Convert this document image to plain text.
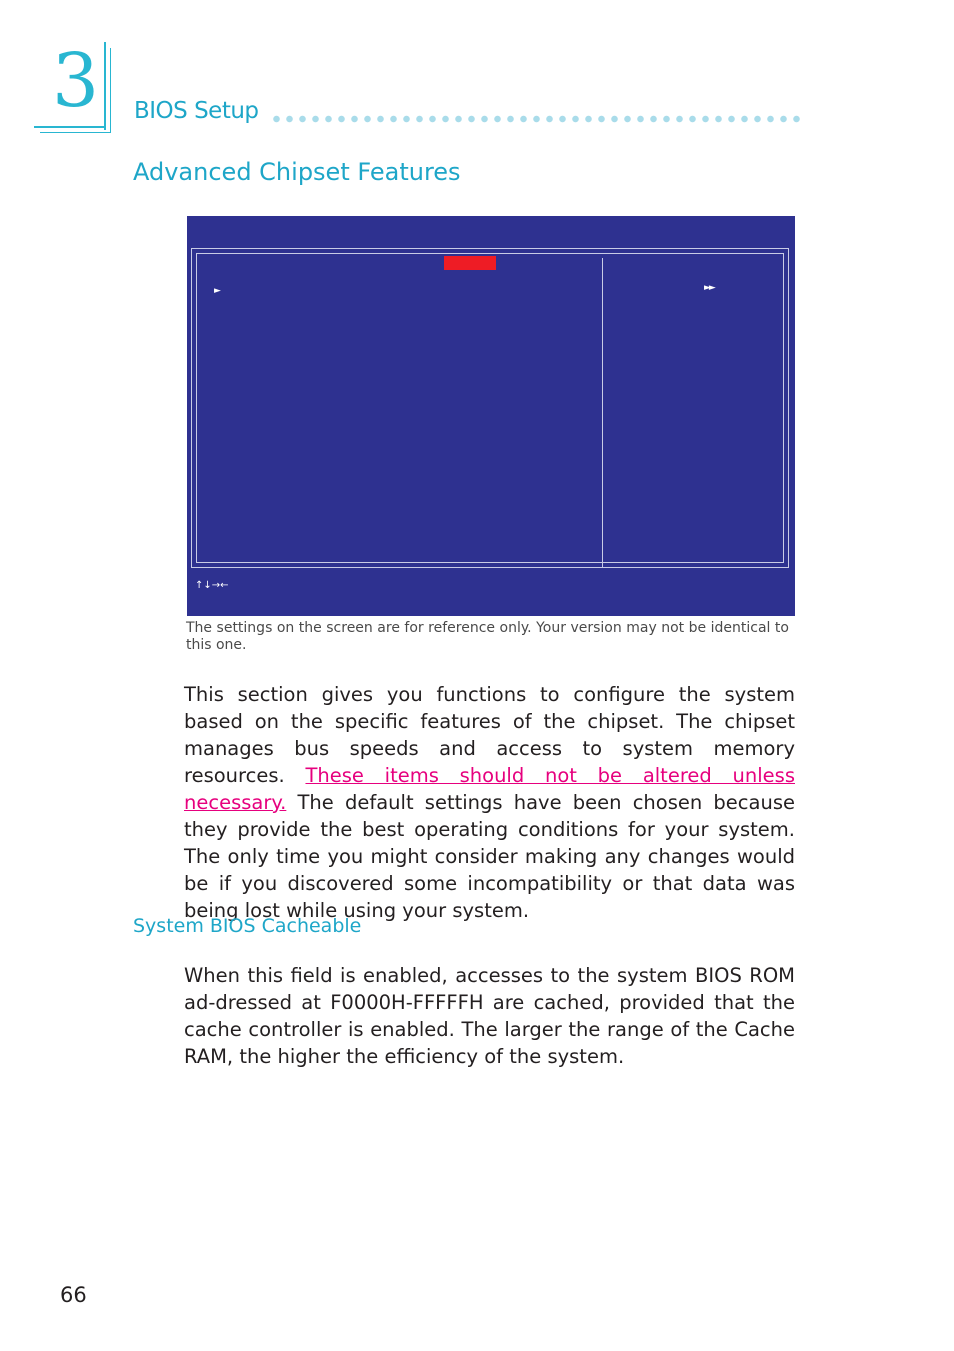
3 BIOS Setup
Advanced Chipset Features
►	►►
↑↓→←
The settings on the screen are for reference only. Your version may not be identical to this one.

This section gives you functions to configure the system based on the specific features of the chipset. The chipset manages bus speeds and access to system memory resources. These items should not be altered unless necessary. The default settings have been chosen because they provide the best operating conditions for your system. The only time you might consider making any changes would be if you discovered some incompatibility or that data was being lost while using your system.

System BIOS Cacheable

When this field is enabled, accesses to the system BIOS ROM ad-dressed at F0000H-FFFFFH are cached, provided that the cache controller is enabled. The larger the range of the Cache RAM, the higher the efficiency of the system.

66
